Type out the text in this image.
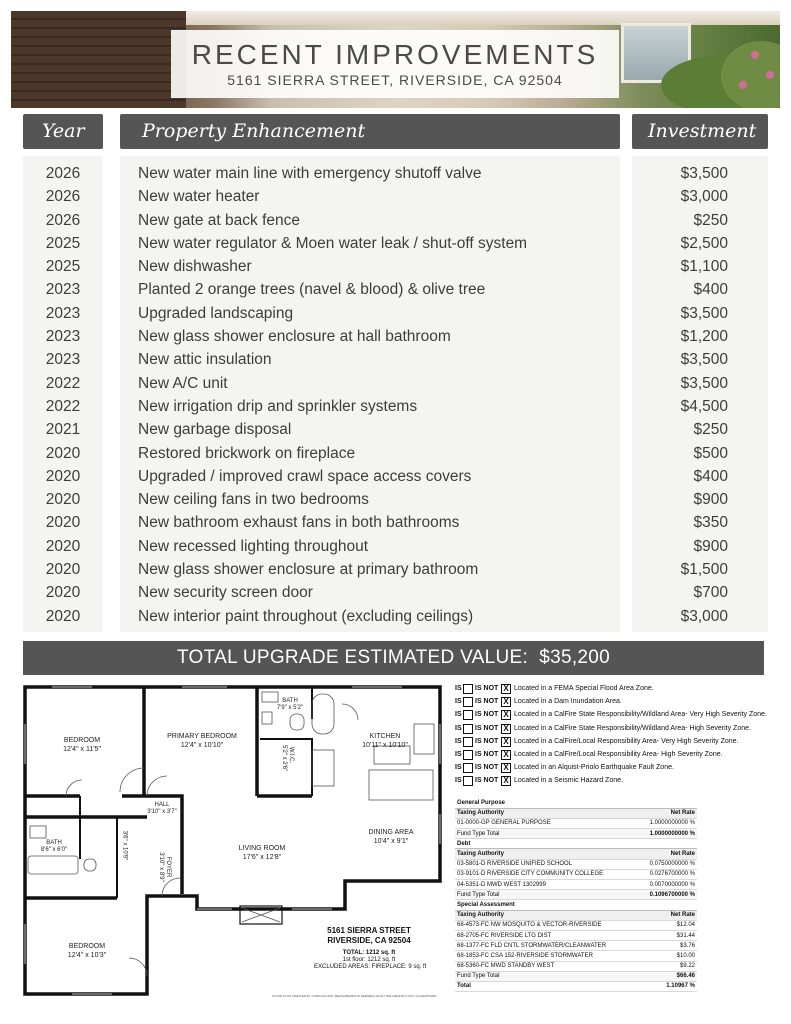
RECENT IMPROVEMENTS
5161 SIERRA STREET, RIVERSIDE, CA 92504
Year	Property Enhancement	Investment
2026	New water main line with emergency shutoff valve	$3,500
2026	New water heater	$3,000
2026	New gate at back fence	$250
2025	New water regulator & Moen water leak / shut-off system	$2,500
2025	New dishwasher	$1,100
2023	Planted 2 orange trees (navel & blood) & olive tree	$400
2023	Upgraded landscaping	$3,500
2023	New glass shower enclosure at hall bathroom	$1,200
2023	New attic insulation	$3,500
2022	New A/C unit	$3,500
2022	New irrigation drip and sprinkler systems	$4,500
2021	New garbage disposal	$250
2020	Restored brickwork on fireplace	$500
2020	Upgraded / improved crawl space access covers	$400
2020	New ceiling fans in two bedrooms	$900
2020	New bathroom exhaust fans in both bathrooms	$350
2020	New recessed lighting throughout	$900
2020	New glass shower enclosure at primary bathroom	$1,500
2020	New security screen door	$700
2020	New interior paint throughout (excluding ceilings)	$3,000
TOTAL UPGRADE ESTIMATED VALUE: $35,200
BEDROOM
12'4" x 11'5"
PRIMARY BEDROOM
12'4" x 10'10"
BATH
7'9" x 5'2"
W.I.C.
5'2" x 2'6"
KITCHEN
10'11" x 10'10"
HALL
3'10" x 3'7"
LIVING ROOM
17'6" x 12'8"
DINING AREA
10'4" x 9'1"
BATH
8'6" x 6'0"	3'6" x 10'9"
FOYER
3'10" x 8'9"
BEDROOM
12'4" x 10'3"
5161 SIERRA STREET
RIVERSIDE, CA 92504
TOTAL: 1212 sq. ft
1st floor: 1212 sq. ft
EXCLUDED AREAS: FIREPLACE: 9 sq. ft
FLOOR PLAN CREATED BY CUBICASA APP. MEASUREMENTS DEEMED HIGHLY RELIABLE BUT NOT GUARANTEED.
IS IS NOT X Located in a FEMA Special Flood Area Zone.
IS IS NOT X Located in a Dam Inundation Area.
IS IS NOT X Located in a CalFire State Responsibility/Wildland Area- Very High Severity Zone.
IS IS NOT X Located in a CalFire State Responsibility/Wildland Area- High Severity Zone.
IS IS NOT X Located in a CalFire/Local Responsibility Area- Very High Severity Zone.
IS IS NOT X Located in a CalFire/Local Responsibility Area- High Severity Zone.
IS IS NOT X Located in an Alquist-Priolo Earthquake Fault Zone.
IS IS NOT X Located in a Seismic Hazard Zone.
General Purpose	
Taxing Authority	Net Rate
01-0000-GP GENERAL PURPOSE	1.0000000000 %
Fund Type Total	1.0000000000 %
Debt	
Taxing Authority	Net Rate
03-5801-D RIVERSIDE UNIFIED SCHOOL	0.0750000000 %
03-9101-D RIVERSIDE CITY COMMUNITY COLLEGE	0.0276700000 %
04-5351-D MWD WEST 1302999	0.0070000000 %
Fund Type Total	0.1096700000 %
Special Assessment	
Taxing Authority	Net Rate
68-4573-FC NW MOSQUITO & VECTOR-RIVERSIDE	$12.04
68-2705-FC RIVERSIDE LTG DIST	$31.44
68-1377-FC FLD CNTL STORMWATER/CLEANWATER	$3.76
68-1853-FC CSA 152-RIVERSIDE STORMWATER	$10.00
68-5360-FC MWD STANDBY WEST	$9.22
Fund Type Total	$66.46
Total	1.10967 %
